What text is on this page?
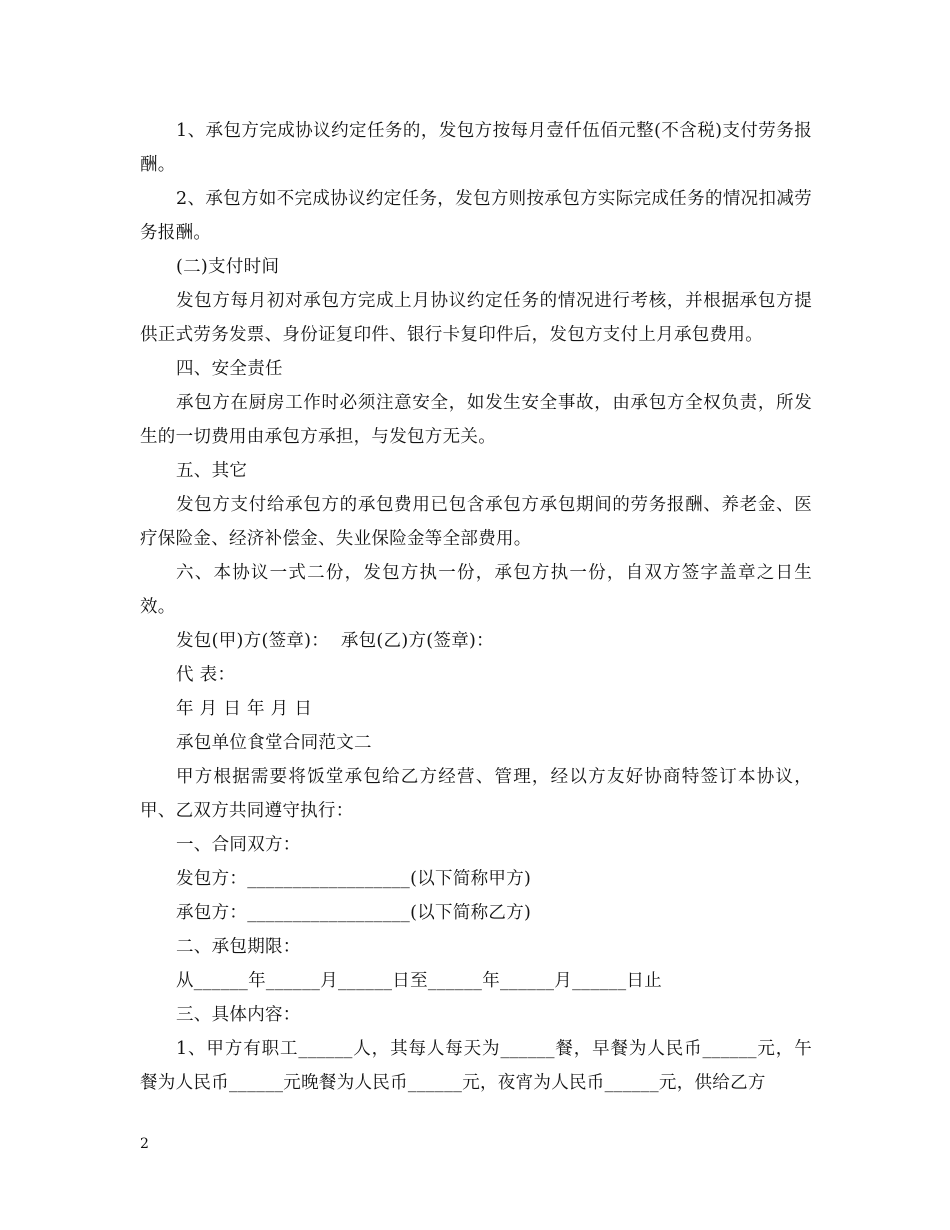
1、承包方完成协议约定任务的，发包方按每月壹仟伍佰元整(不含税)支付劳务报酬。

2、承包方如不完成协议约定任务，发包方则按承包方实际完成任务的情况扣减劳务报酬。

(二)支付时间

发包方每月初对承包方完成上月协议约定任务的情况进行考核，并根据承包方提供正式劳务发票、身份证复印件、银行卡复印件后，发包方支付上月承包费用。

四、安全责任

承包方在厨房工作时必须注意安全，如发生安全事故，由承包方全权负责，所发生的一切费用由承包方承担，与发包方无关。

五、其它

发包方支付给承包方的承包费用已包含承包方承包期间的劳务报酬、养老金、医疗保险金、经济补偿金、失业保险金等全部费用。

六、本协议一式二份，发包方执一份，承包方执一份，自双方签字盖章之日生效。

发包(甲)方(签章)：  承包(乙)方(签章)：

代 表：

年 月 日 年 月 日

承包单位食堂合同范文二

甲方根据需要将饭堂承包给乙方经营、管理，经以方友好协商特签订本协议，甲、乙双方共同遵守执行：

一、合同双方：

发包方：__________________(以下简称甲方)

承包方：__________________(以下简称乙方)

二、承包期限：

从______年______月______日至______年______月______日止

三、具体内容：

1、甲方有职工______人，其每人每天为______餐，早餐为人民币______元，午餐为人民币______元晚餐为人民币______元，夜宵为人民币______元，供给乙方

2
